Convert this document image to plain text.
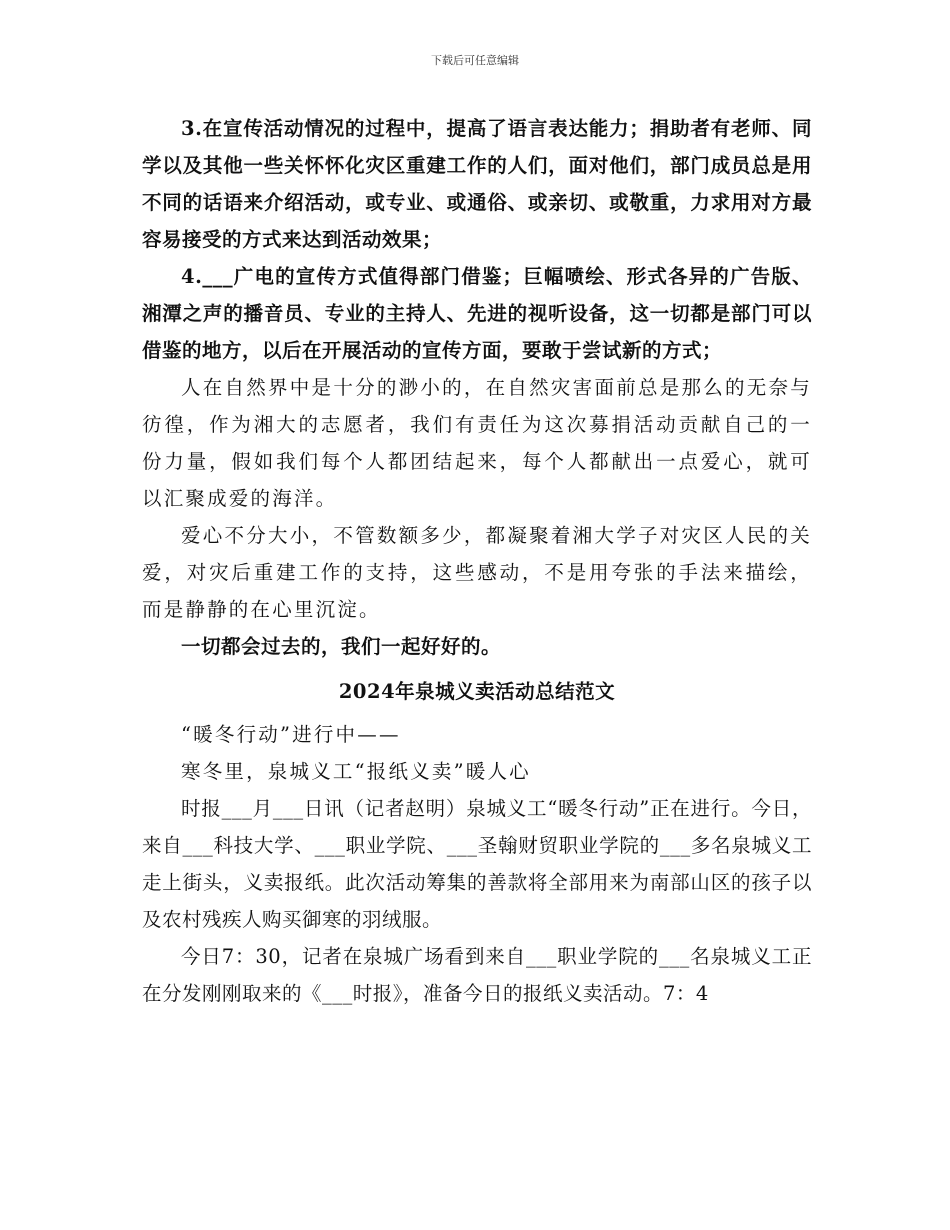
下载后可任意编辑

3.在宣传活动情况的过程中，提高了语言表达能力；捐助者有老师、同学以及其他一些关怀怀化灾区重建工作的人们，面对他们，部门成员总是用不同的话语来介绍活动，或专业、或通俗、或亲切、或敬重，力求用对方最容易接受的方式来达到活动效果；

4.___广电的宣传方式值得部门借鉴；巨幅喷绘、形式各异的广告版、湘潭之声的播音员、专业的主持人、先进的视听设备，这一切都是部门可以借鉴的地方，以后在开展活动的宣传方面，要敢于尝试新的方式；

人在自然界中是十分的渺小的，在自然灾害面前总是那么的无奈与彷徨，作为湘大的志愿者，我们有责任为这次募捐活动贡献自己的一份力量，假如我们每个人都团结起来，每个人都献出一点爱心，就可以汇聚成爱的海洋。

爱心不分大小，不管数额多少，都凝聚着湘大学子对灾区人民的关爱，对灾后重建工作的支持，这些感动，不是用夸张的手法来描绘，而是静静的在心里沉淀。

一切都会过去的，我们一起好好的。

2024年泉城义卖活动总结范文

“暖冬行动”进行中——

寒冬里，泉城义工“报纸义卖”暖人心

时报___月___日讯（记者赵明）泉城义工“暖冬行动”正在进行。今日，来自___科技大学、___职业学院、___圣翰财贸职业学院的___多名泉城义工走上街头，义卖报纸。此次活动筹集的善款将全部用来为南部山区的孩子以及农村残疾人购买御寒的羽绒服。

今日7：30，记者在泉城广场看到来自___职业学院的___名泉城义工正在分发刚刚取来的《___时报》，准备今日的报纸义卖活动。7：4
